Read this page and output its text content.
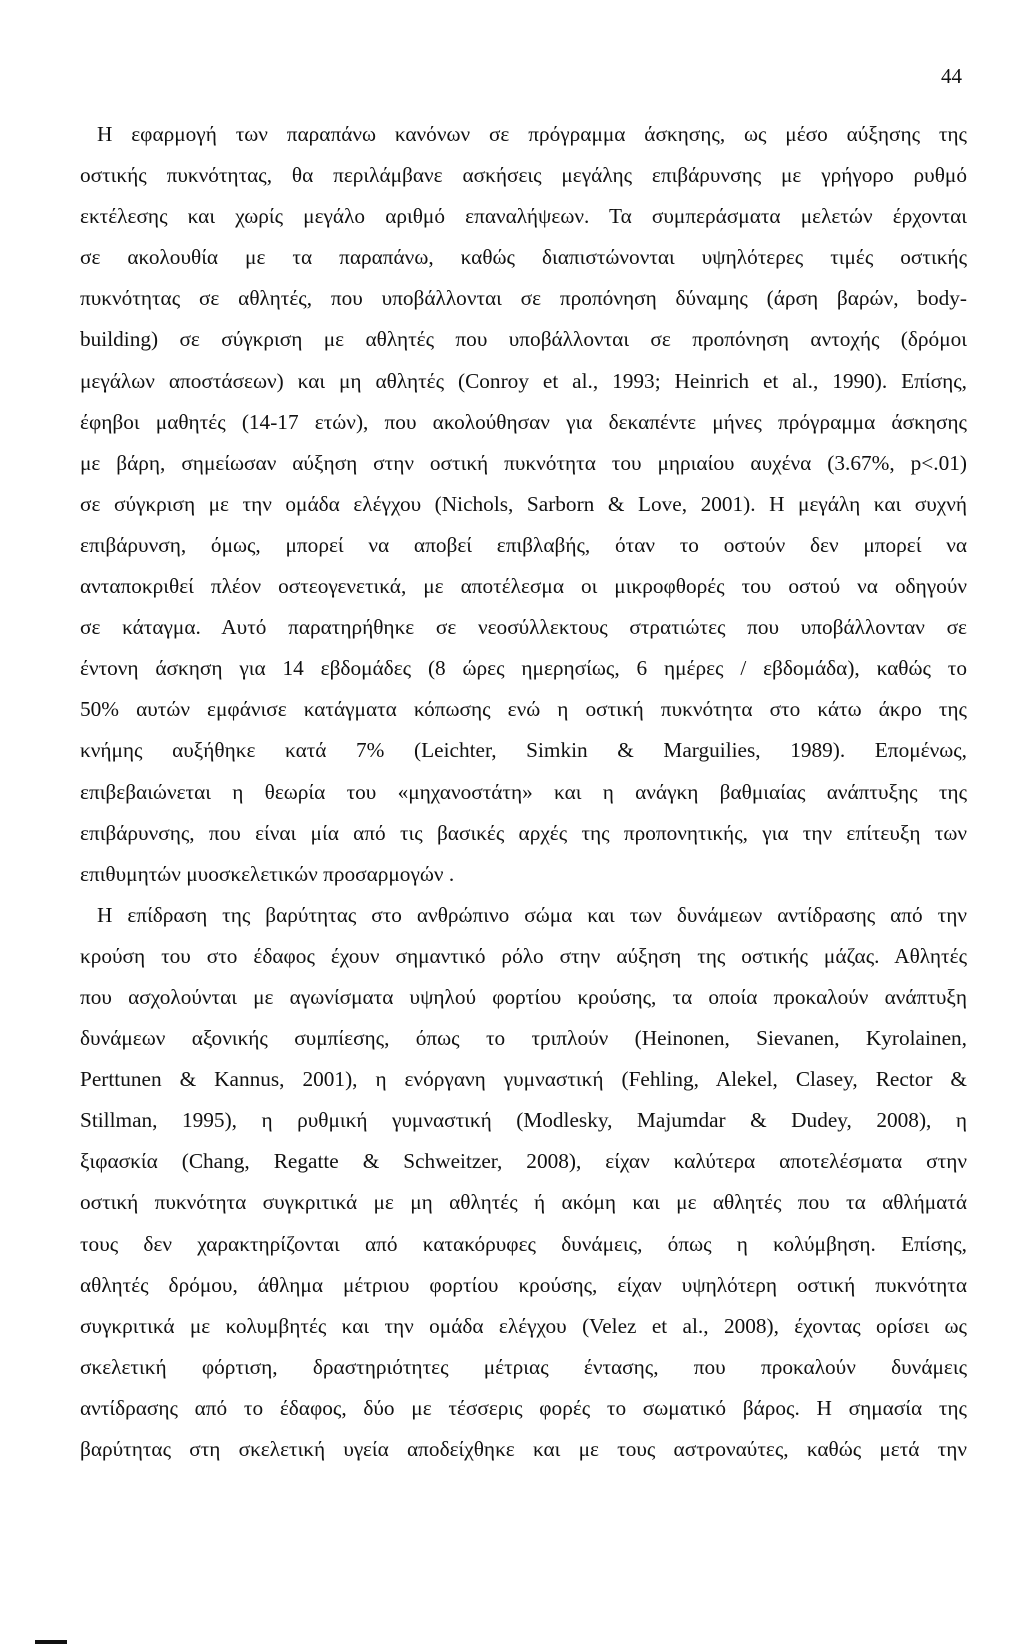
44
Η εφαρμογή των παραπάνω κανόνων σε πρόγραμμα άσκησης, ως μέσο αύξησης της
οστικής πυκνότητας, θα περιλάμβανε ασκήσεις μεγάλης επιβάρυνσης με γρήγορο ρυθμό
εκτέλεσης και χωρίς μεγάλο αριθμό επαναλήψεων. Τα συμπεράσματα μελετών έρχονται
σε ακολουθία με τα παραπάνω, καθώς διαπιστώνονται υψηλότερες τιμές οστικής
πυκνότητας σε αθλητές, που υποβάλλονται σε προπόνηση δύναμης (άρση βαρών, body-
building) σε σύγκριση με αθλητές που υποβάλλονται σε προπόνηση αντοχής (δρόμοι
μεγάλων αποστάσεων) και μη αθλητές (Conroy et al., 1993; Heinrich et al., 1990). Επίσης,
έφηβοι μαθητές (14-17 ετών), που ακολούθησαν για δεκαπέντε μήνες πρόγραμμα άσκησης
με βάρη, σημείωσαν αύξηση στην οστική πυκνότητα του μηριαίου αυχένα (3.67%, p<.01)
σε σύγκριση με την ομάδα ελέγχου (Nichols, Sarborn & Love, 2001). Η μεγάλη και συχνή
επιβάρυνση, όμως, μπορεί να αποβεί επιβλαβής, όταν το οστούν δεν μπορεί να
ανταποκριθεί πλέον οστεογενετικά, με αποτέλεσμα οι μικροφθορές του οστού να οδηγούν
σε κάταγμα. Αυτό παρατηρήθηκε σε νεοσύλλεκτους στρατιώτες που υποβάλλονταν σε
έντονη άσκηση για 14 εβδομάδες (8 ώρες ημερησίως, 6 ημέρες / εβδομάδα), καθώς το
50% αυτών εμφάνισε κατάγματα κόπωσης ενώ η οστική πυκνότητα στο κάτω άκρο της
κνήμης αυξήθηκε κατά 7% (Leichter, Simkin & Marguilies, 1989). Επομένως,
επιβεβαιώνεται η θεωρία του «μηχανοστάτη» και η ανάγκη βαθμιαίας ανάπτυξης της
επιβάρυνσης, που είναι μία από τις βασικές αρχές της προπονητικής, για την επίτευξη των
επιθυμητών μυοσκελετικών προσαρμογών .
Η επίδραση της βαρύτητας στο ανθρώπινο σώμα και των δυνάμεων αντίδρασης από την
κρούση του στο έδαφος έχουν σημαντικό ρόλο στην αύξηση της οστικής μάζας. Αθλητές
που ασχολούνται με αγωνίσματα υψηλού φορτίου κρούσης, τα οποία προκαλούν ανάπτυξη
δυνάμεων αξονικής συμπίεσης, όπως το τριπλούν (Heinonen, Sievanen, Kyrolainen,
Perttunen & Kannus, 2001), η ενόργανη γυμναστική (Fehling, Alekel, Clasey, Rector &
Stillman, 1995), η ρυθμική γυμναστική (Modlesky, Majumdar & Dudey, 2008), η
ξιφασκία (Chang, Regatte & Schweitzer, 2008), είχαν καλύτερα αποτελέσματα στην
οστική πυκνότητα συγκριτικά με μη αθλητές ή ακόμη και με αθλητές που τα αθλήματά
τους δεν χαρακτηρίζονται από κατακόρυφες δυνάμεις, όπως η κολύμβηση. Επίσης,
αθλητές δρόμου, άθλημα μέτριου φορτίου κρούσης, είχαν υψηλότερη οστική πυκνότητα
συγκριτικά με κολυμβητές και την ομάδα ελέγχου (Velez et al., 2008), έχοντας ορίσει ως
σκελετική φόρτιση, δραστηριότητες μέτριας έντασης, που προκαλούν δυνάμεις
αντίδρασης από το έδαφος, δύο με τέσσερις φορές το σωματικό βάρος. Η σημασία της
βαρύτητας στη σκελετική υγεία αποδείχθηκε και με τους αστροναύτες, καθώς μετά την
